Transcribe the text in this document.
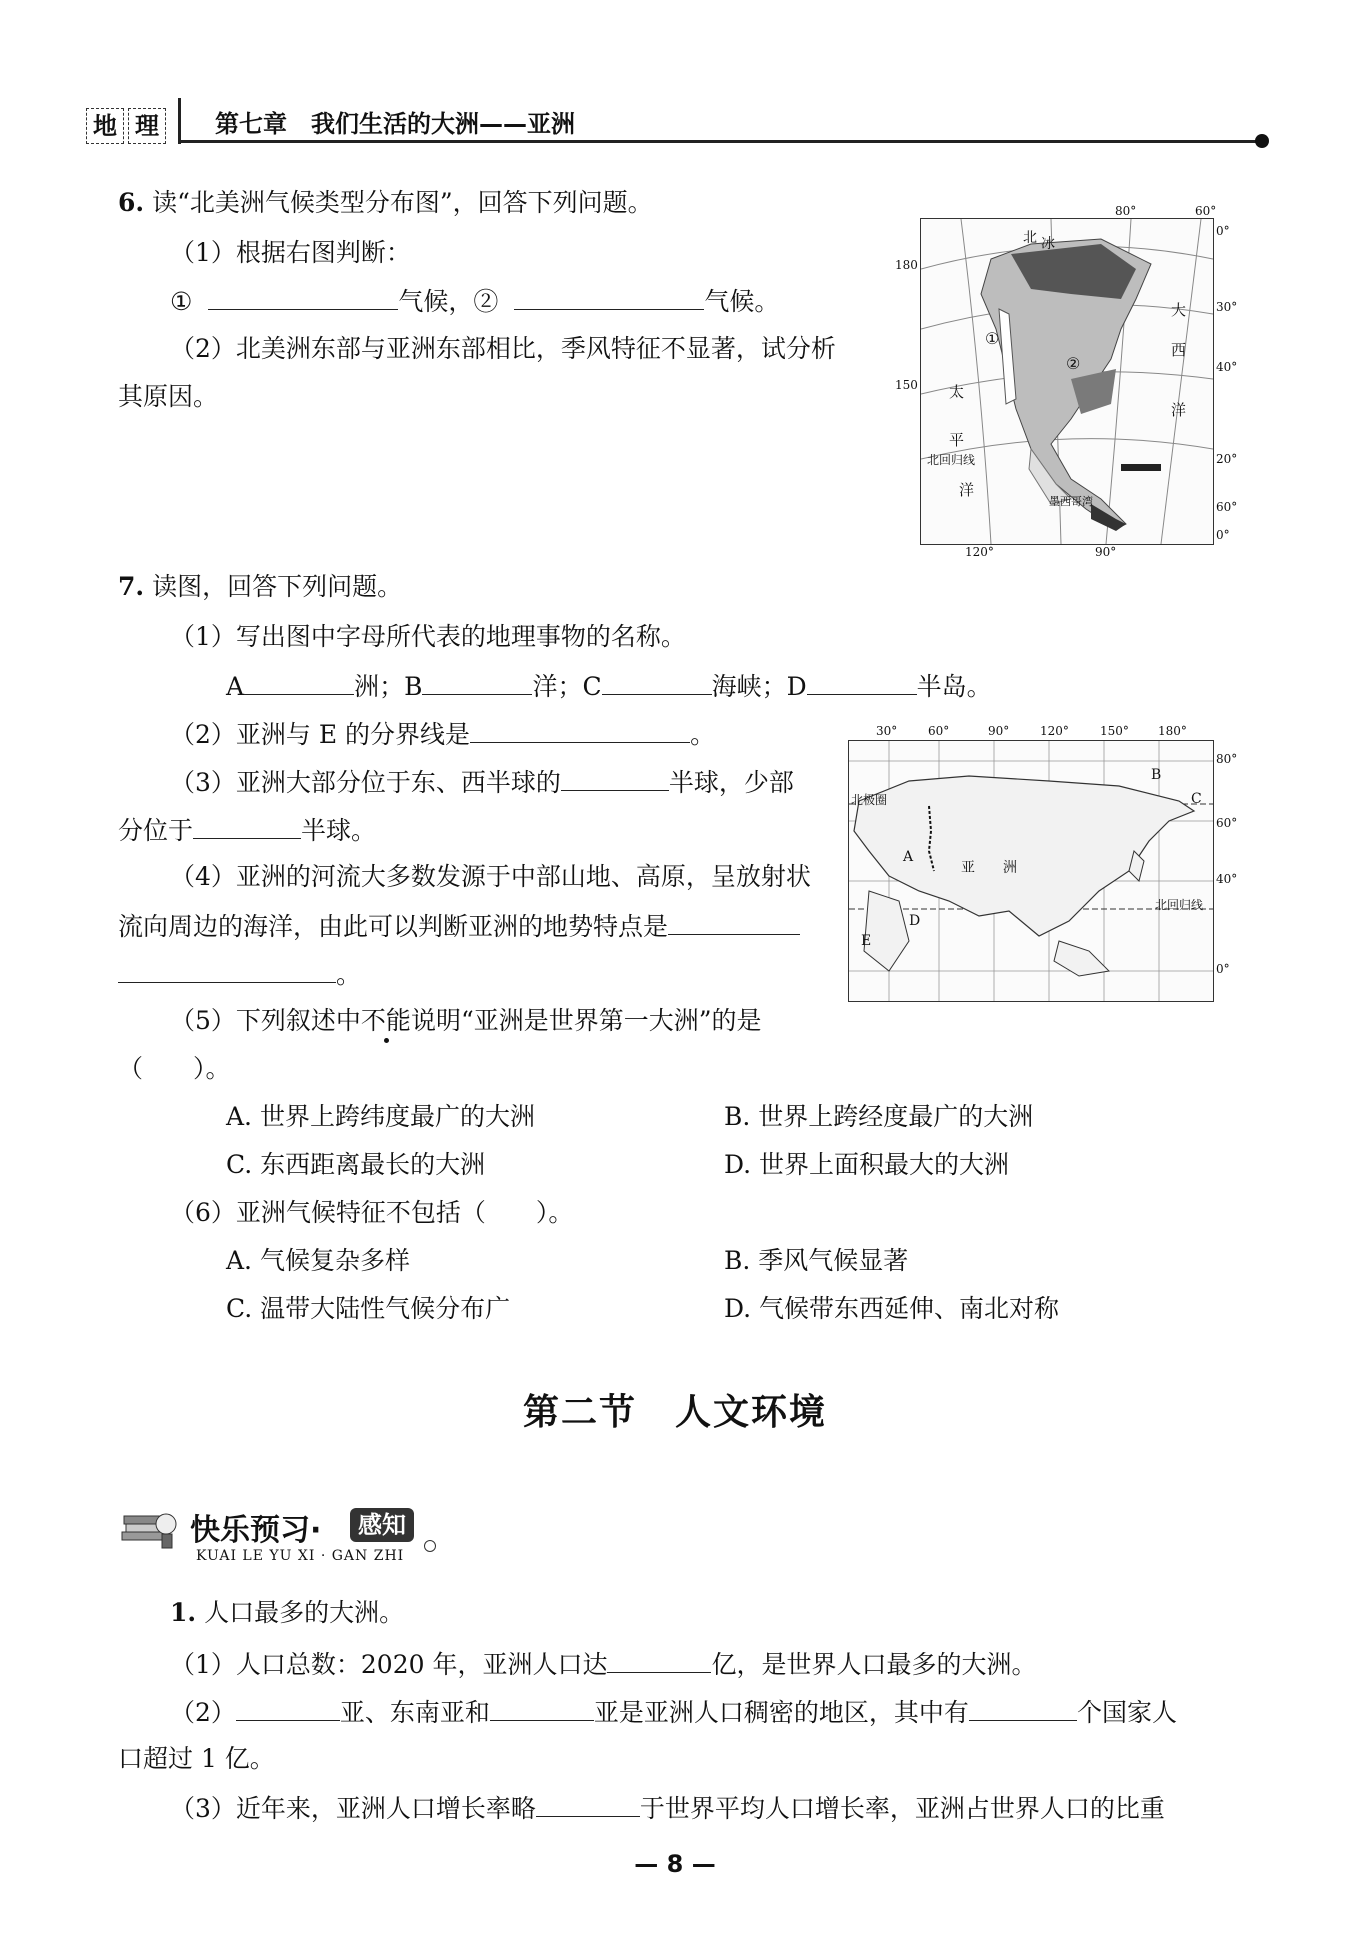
地 理 第七章　我们生活的大洲——亚洲
6. 读“北美洲气候类型分布图”，回答下列问题。
（1）根据右图判断：
①	气候，②	气候。
（2）北美洲东部与亚洲东部相比，季风特征不显著，试分析
其原因。
北 冰
大
西
洋
太
平
洋
北回归线
墨西哥湾
①
②
80°	60°
180
150
0°
30°
40°
20°
60°
0°
120°	90°
7. 读图，回答下列问题。
（1）写出图中字母所代表的地理事物的名称。
A	洲；B	洋；C	海峡；D	半岛。
（2）亚洲与 E 的分界线是	。
（3）亚洲大部分位于东、西半球的	半球，少部
分位于	半球。
（4）亚洲的河流大多数发源于中部山地、高原，呈放射状
流向周边的海洋，由此可以判断亚洲的地势特点是
。
（5）下列叙述中不能说明“亚洲是世界第一大洲”的是
（　　）。
A. 世界上跨纬度最广的大洲	B. 世界上跨经度最广的大洲
C. 东西距离最长的大洲	D. 世界上面积最大的大洲
（6）亚洲气候特征不包括（　　）。
A. 气候复杂多样	B. 季风气候显著
C. 温带大陆性气候分布广	D. 气候带东西延伸、南北对称
A
B
C
D
E
北极圈
亚　　洲
北回归线
30°	60°	90°	120°	150° 180°
80°
60°
40°
0°
第二节　人文环境
快乐预习·	感知
KUAI LE YU XI · GAN ZHI
1. 人口最多的大洲。
（1）人口总数：2020 年，亚洲人口达	亿，是世界人口最多的大洲。
（2）	亚、东南亚和	亚是亚洲人口稠密的地区，其中有	个国家人
口超过 1 亿。
（3）近年来，亚洲人口增长率略	于世界平均人口增长率，亚洲占世界人口的比重
— 8 —
